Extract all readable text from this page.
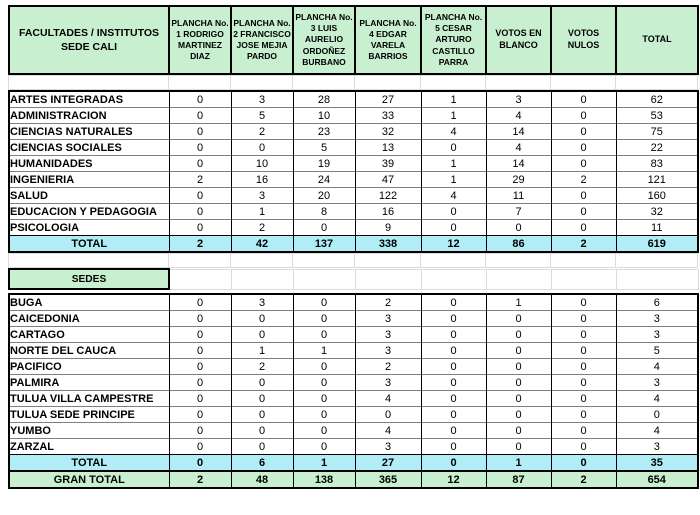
FACULTADES / INSTITUTOS SEDE CALI	PLANCHA No. 1 RODRIGO MARTINEZ DIAZ	PLANCHA No. 2 FRANCISCO JOSE MEJIA PARDO	PLANCHA No. 3 LUIS AURELIO ORDOÑEZ BURBANO	PLANCHA No. 4 EDGAR VARELA BARRIOS	PLANCHA No. 5 CESAR ARTURO CASTILLO PARRA	VOTOS EN BLANCO	VOTOS NULOS	TOTAL

ARTES INTEGRADAS	0	3	28	27	1	3	0	62
ADMINISTRACION	0	5	10	33	1	4	0	53
CIENCIAS NATURALES	0	2	23	32	4	14	0	75
CIENCIAS SOCIALES	0	0	5	13	0	4	0	22
HUMANIDADES	0	10	19	39	1	14	0	83
INGENIERIA	2	16	24	47	1	29	2	121
SALUD	0	3	20	122	4	11	0	160
EDUCACION Y PEDAGOGIA	0	1	8	16	0	7	0	32
PSICOLOGIA	0	2	0	9	0	0	0	11
TOTAL	2	42	137	338	12	86	2	619

SEDES								
BUGA	0	3	0	2	0	1	0	6
CAICEDONIA	0	0	0	3	0	0	0	3
CARTAGO	0	0	0	3	0	0	0	3
NORTE DEL CAUCA	0	1	1	3	0	0	0	5
PACIFICO	0	2	0	2	0	0	0	4
PALMIRA	0	0	0	3	0	0	0	3
TULUA VILLA CAMPESTRE	0	0	0	4	0	0	0	4
TULUA SEDE PRINCIPE	0	0	0	0	0	0	0	0
YUMBO	0	0	0	4	0	0	0	4
ZARZAL	0	0	0	3	0	0	0	3
TOTAL	0	6	1	27	0	1	0	35
GRAN TOTAL	2	48	138	365	12	87	2	654
